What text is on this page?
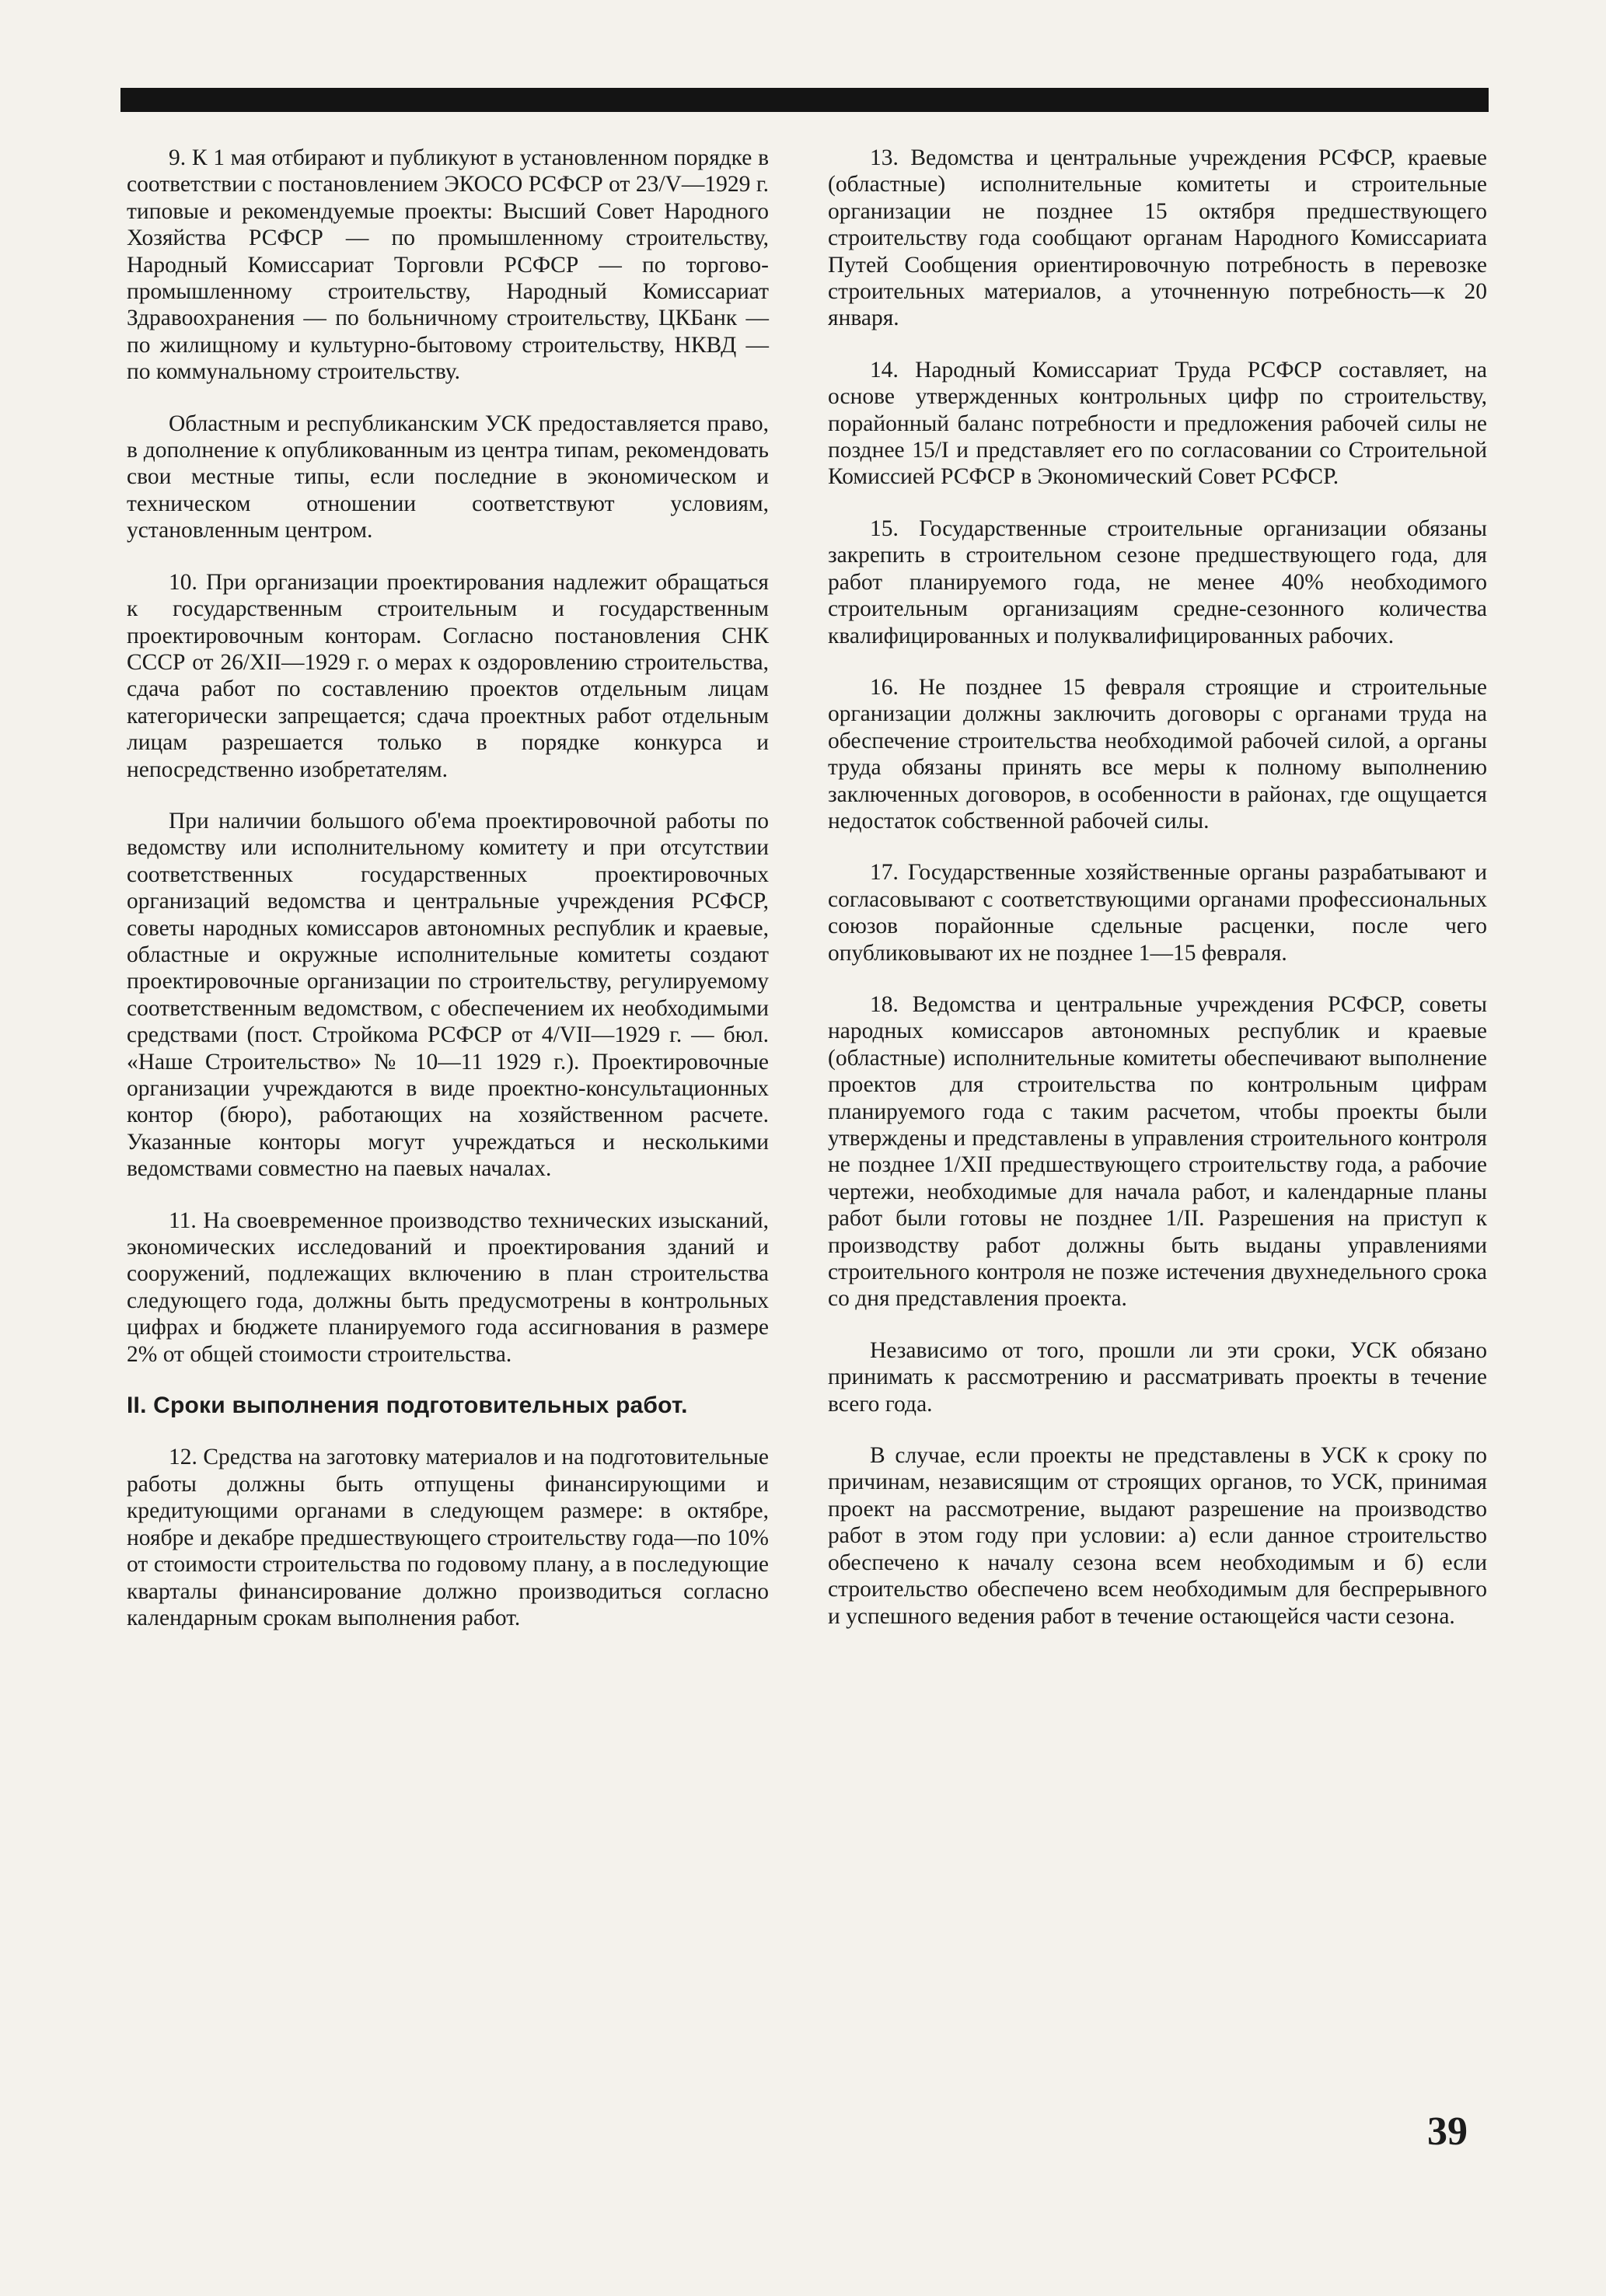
9. К 1 мая отбирают и публикуют в установленном порядке в соответствии с постановлением ЭКОСО РСФСР от 23/V—1929 г. типовые и рекомендуемые проекты: Высший Совет Народного Хозяйства РСФСР — по промышленному строительству, Народный Комиссариат Торговли РСФСР — по торгово-промышленному строительству, Народный Комиссариат Здравоохранения — по больничному строительству, ЦКБанк — по жилищному и культурно-бытовому строительству, НКВД — по коммунальному строительству.

Областным и республиканским УСК предоставляется право, в дополнение к опубликованным из центра типам, рекомендовать свои местные типы, если последние в экономическом и техническом отношении соответствуют условиям, установленным центром.

10. При организации проектирования надлежит обращаться к государственным строительным и государственным проектировочным конторам. Согласно постановления СНК СССР от 26/XII—1929 г. о мерах к оздоровлению строительства, сдача работ по составлению проектов отдельным лицам категорически запрещается; сдача проектных работ отдельным лицам разрешается только в порядке конкурса и непосредственно изобретателям.

При наличии большого об'ема проектировочной работы по ведомству или исполнительному комитету и при отсутствии соответственных государственных проектировочных организаций ведомства и центральные учреждения РСФСР, советы народных комиссаров автономных республик и краевые, областные и окружные исполнительные комитеты создают проектировочные организации по строительству, регулируемому соответственным ведомством, с обеспечением их необходимыми средствами (пост. Стройкома РСФСР от 4/VII—1929 г. — бюл. «Наше Строительство» № 10—11 1929 г.). Проектировочные организации учреждаются в виде проектно-консультационных контор (бюро), работающих на хозяйственном расчете. Указанные конторы могут учреждаться и несколькими ведомствами совместно на паевых началах.

11. На своевременное производство технических изысканий, экономических исследований и проектирования зданий и сооружений, подлежащих включению в план строительства следующего года, должны быть предусмотрены в контрольных цифрах и бюджете планируемого года ассигнования в размере 2% от общей стоимости строительства.

II. Сроки выполнения подготовительных работ.

12. Средства на заготовку материалов и на подготовительные работы должны быть отпущены финансирующими и кредитующими органами в следующем размере: в октябре, ноябре и декабре предшествующего строительству года—по 10% от стоимости строительства по годовому плану, а в последующие кварталы финансирование должно производиться согласно календарным срокам выполнения работ.

13. Ведомства и центральные учреждения РСФСР, краевые (областные) исполнительные комитеты и строительные организации не позднее 15 октября предшествующего строительству года сообщают органам Народного Комиссариата Путей Сообщения ориентировочную потребность в перевозке строительных материалов, а уточненную потребность—к 20 января.

14. Народный Комиссариат Труда РСФСР составляет, на основе утвержденных контрольных цифр по строительству, порайонный баланс потребности и предложения рабочей силы не позднее 15/I и представляет его по согласовании со Строительной Комиссией РСФСР в Экономический Совет РСФСР.

15. Государственные строительные организации обязаны закрепить в строительном сезоне предшествующего года, для работ планируемого года, не менее 40% необходимого строительным организациям средне-сезонного количества квалифицированных и полуквалифицированных рабочих.

16. Не позднее 15 февраля строящие и строительные организации должны заключить договоры с органами труда на обеспечение строительства необходимой рабочей силой, а органы труда обязаны принять все меры к полному выполнению заключенных договоров, в особенности в районах, где ощущается недостаток собственной рабочей силы.

17. Государственные хозяйственные органы разрабатывают и согласовывают с соответствующими органами профессиональных союзов порайонные сдельные расценки, после чего опубликовывают их не позднее 1—15 февраля.

18. Ведомства и центральные учреждения РСФСР, советы народных комиссаров автономных республик и краевые (областные) исполнительные комитеты обеспечивают выполнение проектов для строительства по контрольным цифрам планируемого года с таким расчетом, чтобы проекты были утверждены и представлены в управления строительного контроля не позднее 1/XII предшествующего строительству года, а рабочие чертежи, необходимые для начала работ, и календарные планы работ были готовы не позднее 1/II. Разрешения на приступ к производству работ должны быть выданы управлениями строительного контроля не позже истечения двухнедельного срока со дня представления проекта.

Независимо от того, прошли ли эти сроки, УСК обязано принимать к рассмотрению и рассматривать проекты в течение всего года.

В случае, если проекты не представлены в УСК к сроку по причинам, независящим от строящих органов, то УСК, принимая проект на рассмотрение, выдают разрешение на производство работ в этом году при условии: а) если данное строительство обеспечено к началу сезона всем необходимым и б) если строительство обеспечено всем необходимым для беспрерывного и успешного ведения работ в течение остающейся части сезона.

39
